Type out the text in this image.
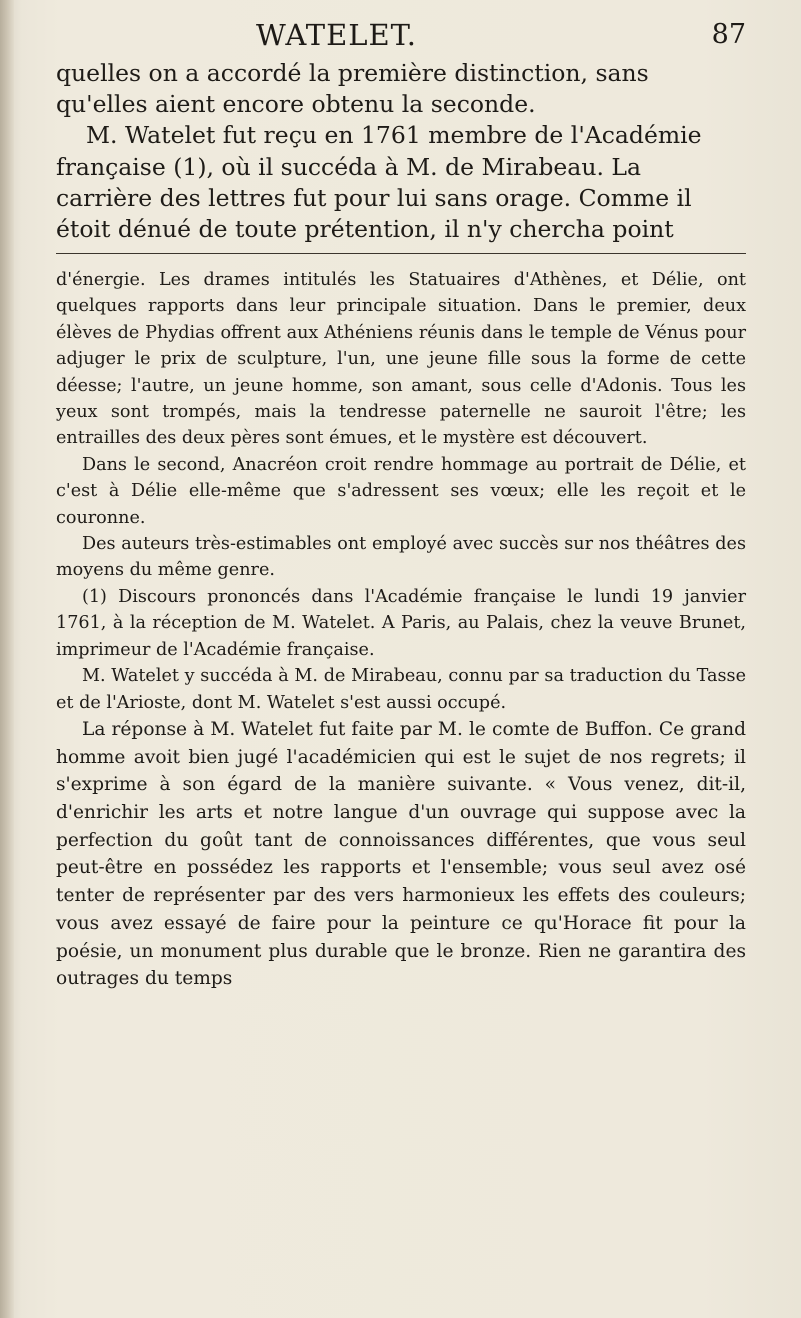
WATELET.	87

quelles on a accordé la première distinction, sans

qu'elles aient encore obtenu la seconde.

M. Watelet fut reçu en 1761 membre de l'Académie

française (1), où il succéda à M. de Mirabeau. La

carrière des lettres fut pour lui sans orage. Comme il

étoit dénué de toute prétention, il n'y chercha point

d'énergie. Les drames intitulés les Statuaires d'Athènes, et Délie, ont quelques rapports dans leur principale situation. Dans le premier, deux élèves de Phydias offrent aux Athéniens réunis dans le temple de Vénus pour adjuger le prix de sculpture, l'un, une jeune fille sous la forme de cette déesse; l'autre, un jeune homme, son amant, sous celle d'Adonis. Tous les yeux sont trompés, mais la tendresse paternelle ne sauroit l'être; les entrailles des deux pères sont émues, et le mystère est découvert.

Dans le second, Anacréon croit rendre hommage au portrait de Délie, et c'est à Délie elle-même que s'adressent ses vœux; elle les reçoit et le couronne.

Des auteurs très-estimables ont employé avec succès sur nos théâtres des moyens du même genre.

(1) Discours prononcés dans l'Académie française le lundi 19 janvier 1761, à la réception de M. Watelet. A Paris, au Palais, chez la veuve Brunet, imprimeur de l'Académie française.

M. Watelet y succéda à M. de Mirabeau, connu par sa traduction du Tasse et de l'Arioste, dont M. Watelet s'est aussi occupé.

La réponse à M. Watelet fut faite par M. le comte de Buffon. Ce grand homme avoit bien jugé l'académicien qui est le sujet de nos regrets; il s'exprime à son égard de la manière suivante. « Vous venez, dit-il, d'enrichir les arts et notre langue d'un ouvrage qui suppose avec la perfection du goût tant de connoissances différentes, que vous seul peut-être en possédez les rapports et l'ensemble; vous seul avez osé tenter de représenter par des vers harmonieux les effets des couleurs; vous avez essayé de faire pour la peinture ce qu'Horace fit pour la poésie, un monument plus durable que le bronze. Rien ne garantira des outrages du temps
